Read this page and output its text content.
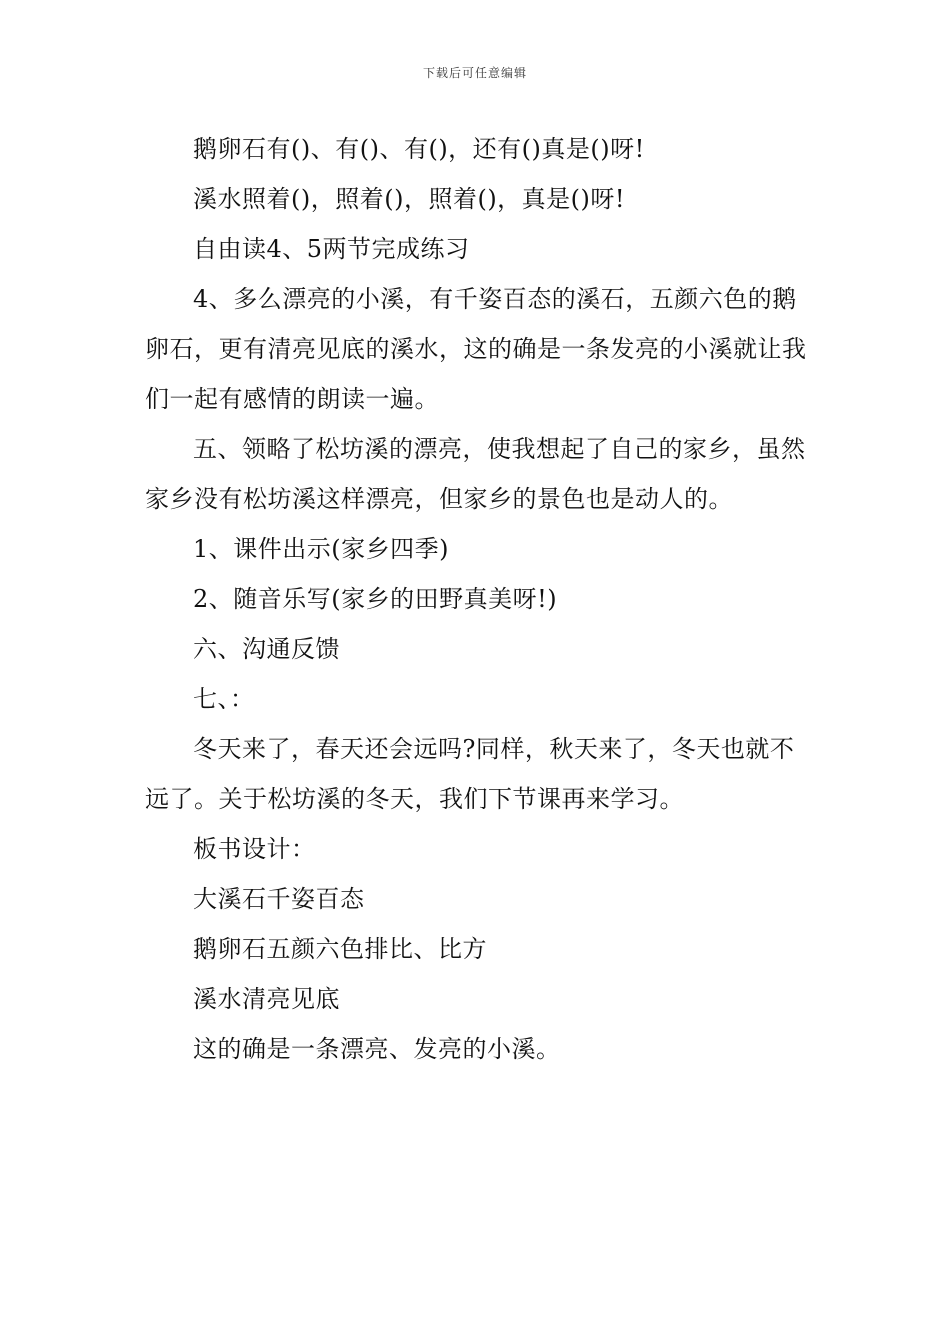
下载后可任意编辑

鹅卵石有()、有()、有()，还有()真是()呀!

溪水照着()，照着()，照着()，真是()呀!

自由读4、5两节完成练习

4、多么漂亮的小溪，有千姿百态的溪石，五颜六色的鹅卵石，更有清亮见底的溪水，这的确是一条发亮的小溪就让我们一起有感情的朗读一遍。

五、领略了松坊溪的漂亮，使我想起了自己的家乡，虽然家乡没有松坊溪这样漂亮，但家乡的景色也是动人的。

1、课件出示(家乡四季)

2、随音乐写(家乡的田野真美呀!)

六、沟通反馈

七、：

冬天来了，春天还会远吗?同样，秋天来了，冬天也就不远了。关于松坊溪的冬天，我们下节课再来学习。

板书设计：

大溪石千姿百态

鹅卵石五颜六色排比、比方

溪水清亮见底

这的确是一条漂亮、发亮的小溪。
